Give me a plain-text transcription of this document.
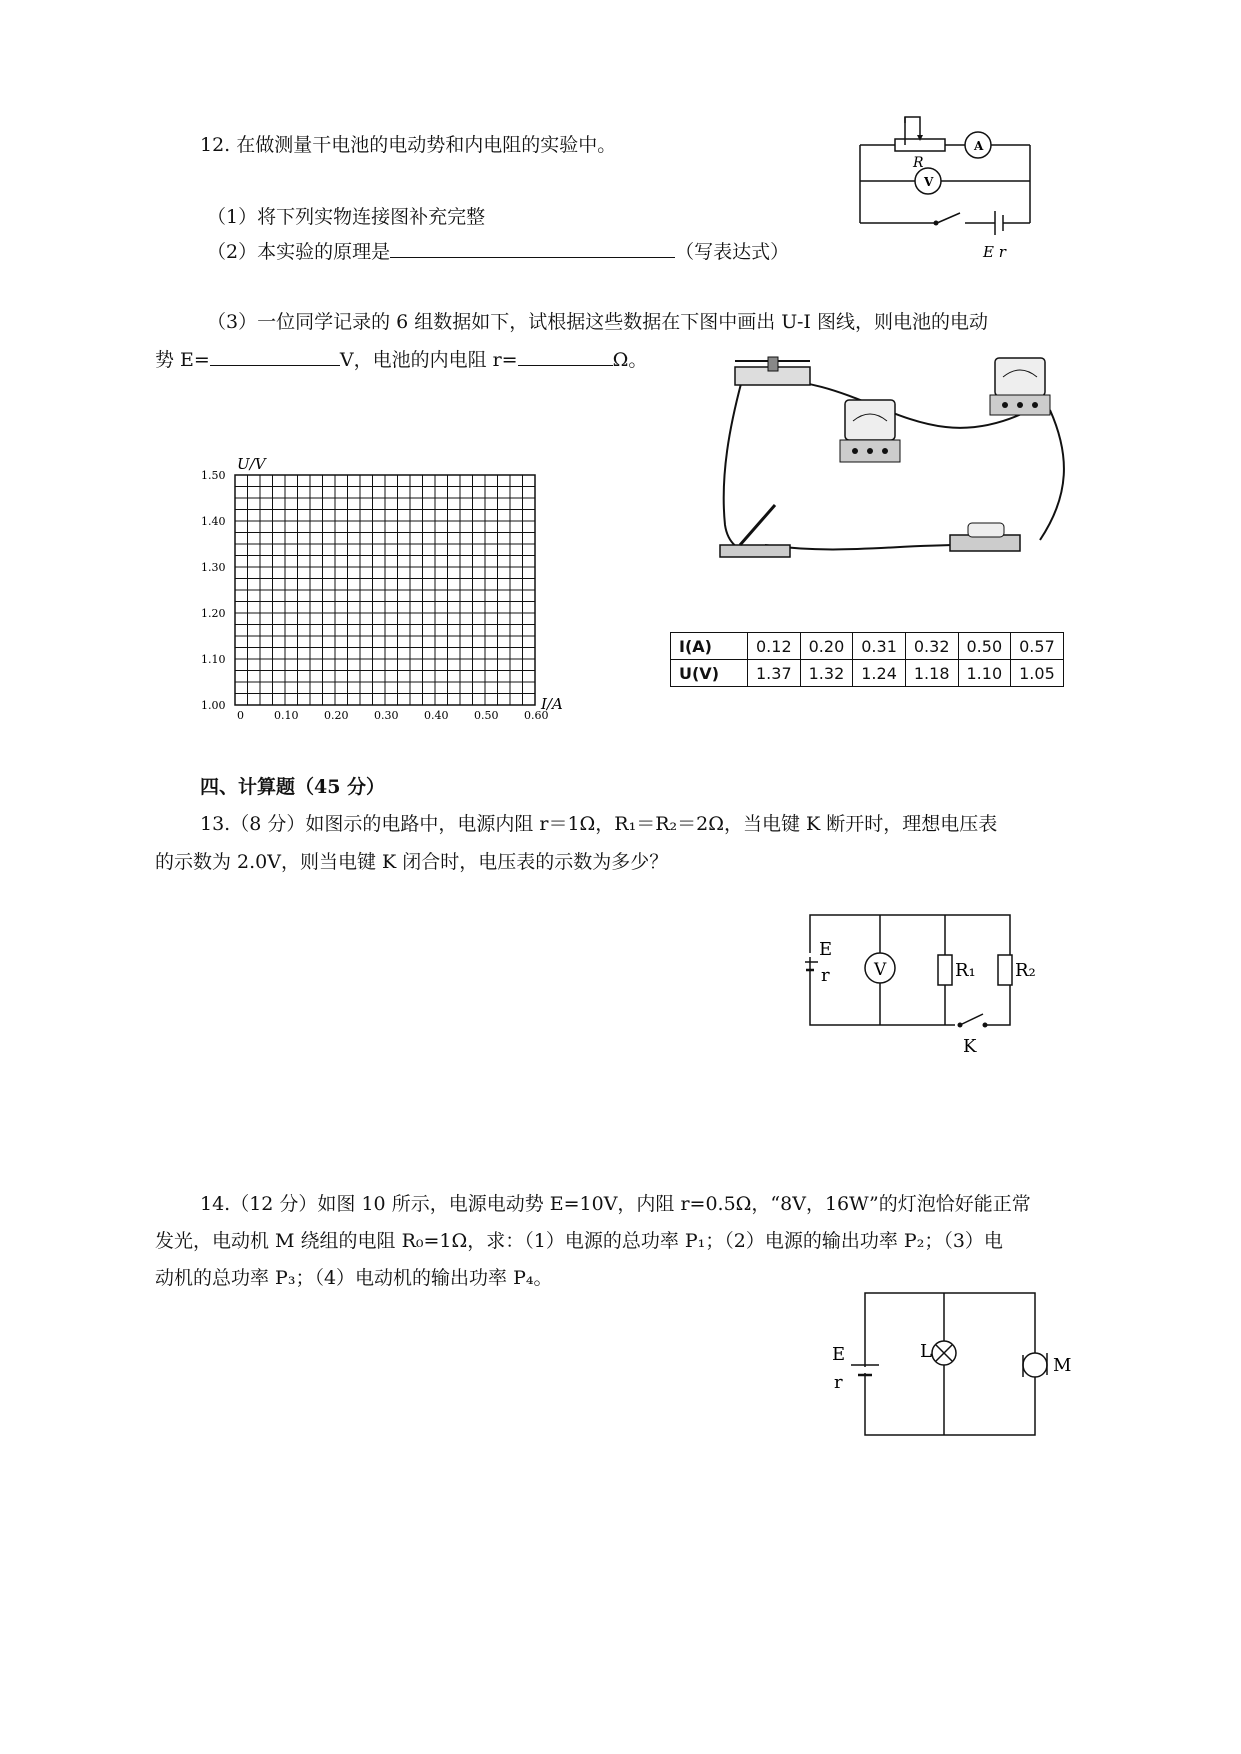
12. 在做测量干电池的电动势和内电阻的实验中。
（1）将下列实物连接图补充完整
（2）本实验的原理是	（写表达式）
（3）一位同学记录的 6 组数据如下，试根据这些数据在下图中画出 U-I 图线，则电池的电动
势 E=	V，电池的内电阻 r=	Ω。
R
A
V
E r
I(A)	0.12	0.20	0.31	0.32	0.50	0.57
U(V)	1.37	1.32	1.24	1.18	1.10	1.05
0	0.10 0.20 0.30 0.40 0.50 0.60
1.00
1.10
1.20
1.30
1.40
1.50
U/V
I/A
四、计算题（45 分）
13.（8 分）如图示的电路中，电源内阻 r＝1Ω，R₁＝R₂＝2Ω，当电键 K 断开时，理想电压表
的示数为 2.0V，则当电键 K 闭合时，电压表的示数为多少？
E
r	V	R₁ R₂
K
14.（12 分）如图 10 所示，电源电动势 E=10V，内阻 r=0.5Ω，“8V，16W”的灯泡恰好能正常
发光，电动机 M 绕组的电阻 R₀=1Ω，求：（1）电源的总功率 P₁；（2）电源的输出功率 P₂；（3）电
动机的总功率 P₃；（4）电动机的输出功率 P₄。
E
r
L
M
